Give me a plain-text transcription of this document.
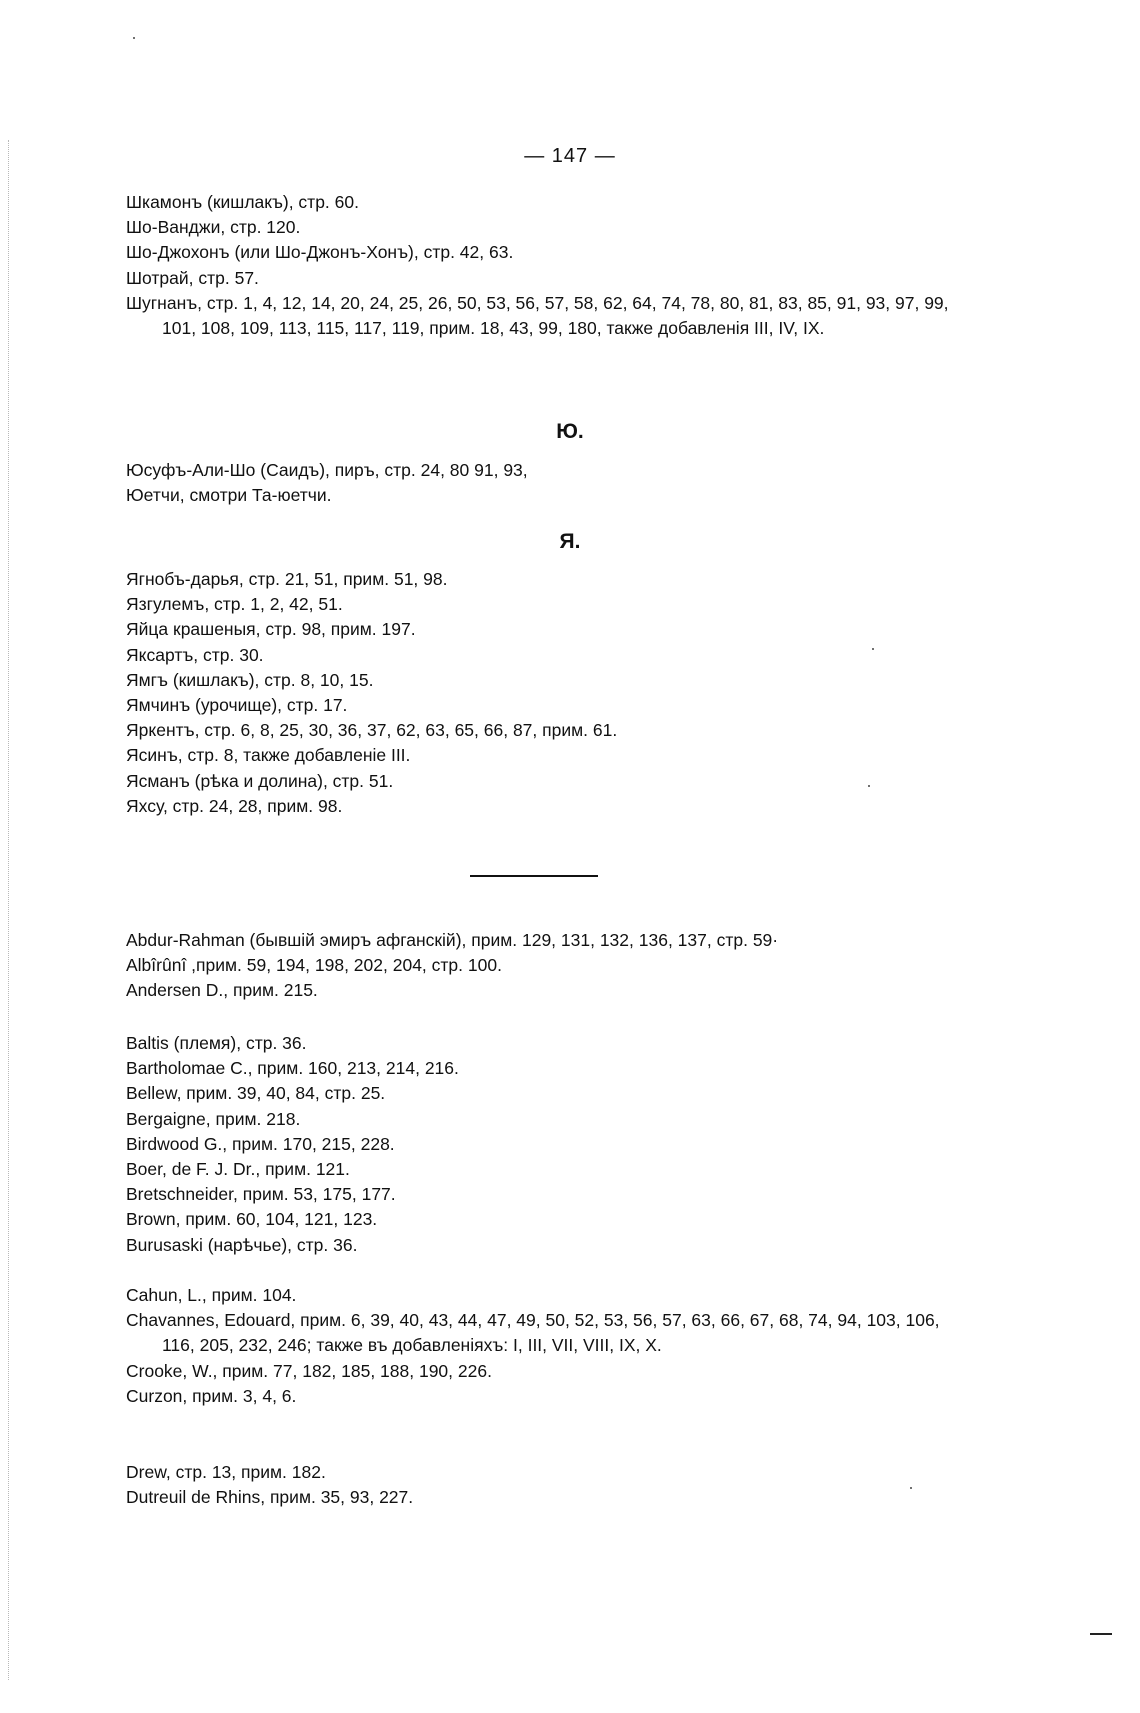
— 147 —
Шкамонъ (кишлакъ), стр. 60.
Шо-Ванджи, стр. 120.
Шо-Джохонъ (или Шо-Джонъ-Хонъ), стр. 42, 63.
Шотрай, стр. 57.
Шугнанъ, стр. 1, 4, 12, 14, 20, 24, 25, 26, 50, 53, 56, 57, 58, 62, 64, 74, 78, 80, 81, 83, 85, 91, 93, 97, 99, 101, 108, 109, 113, 115, 117, 119, прим. 18, 43, 99, 180, также добавленія III, IV, IX.
Ю.
Юсуфъ-Али-Шо (Саидъ), пиръ, стр. 24, 80 91, 93,
Юетчи, смотри Та-юетчи.
Я.
Ягнобъ-дарья, стр. 21, 51, прим. 51, 98.
Язгулемъ, стр. 1, 2, 42, 51.
Яйца крашеныя, стр. 98, прим. 197.
Яксартъ, стр. 30.
Ямгъ (кишлакъ), стр. 8, 10, 15.
Ямчинъ (урочище), стр. 17.
Яркентъ, стр. 6, 8, 25, 30, 36, 37, 62, 63, 65, 66, 87, прим. 61.
Ясинъ, стр. 8, также добавленіе III.
Ясманъ (рѣка и долина), стр. 51.
Яхсу, стр. 24, 28, прим. 98.
Abdur-Rahman (бывшій эмиръ афганскій), прим. 129, 131, 132, 136, 137, стр. 59·
Albîrûnî ,прим. 59, 194, 198, 202, 204, стр. 100.
Andersen D., прим. 215.
Baltis (племя), стр. 36.
Bartholomae C., прим. 160, 213, 214, 216.
Bellew, прим. 39, 40, 84, стр. 25.
Bergaigne, прим. 218.
Birdwood G., прим. 170, 215, 228.
Boer, de F. J. Dr., прим. 121.
Bretschneider, прим. 53, 175, 177.
Brown, прим. 60, 104, 121, 123.
Burusaski (нарѣчье), стр. 36.
Cahun, L., прим. 104.
Chavannes, Edouard, прим. 6, 39, 40, 43, 44, 47, 49, 50, 52, 53, 56, 57, 63, 66, 67, 68, 74, 94, 103, 106, 116, 205, 232, 246; также въ добавленіяхъ: I, III, VII, VIII, IX, X.
Crooke, W., прим. 77, 182, 185, 188, 190, 226.
Curzon, прим. 3, 4, 6.
Drew, стр. 13, прим. 182.
Dutreuil de Rhins, прим. 35, 93, 227.
